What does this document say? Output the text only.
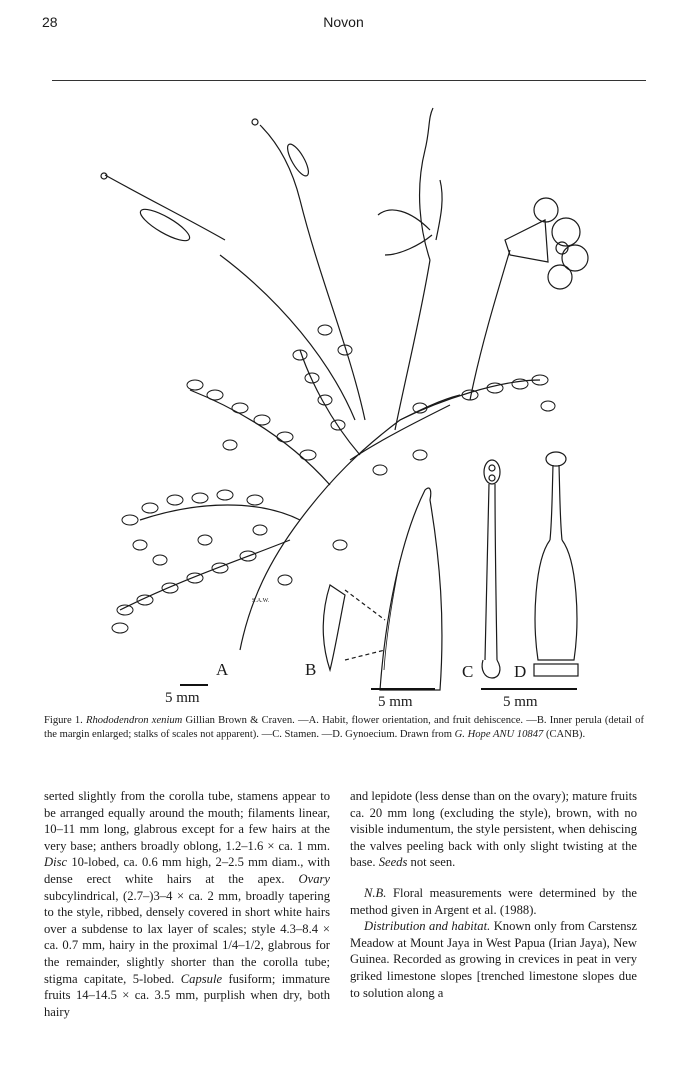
28	Novon
A	B	C D
S.A.W.
5 mm	5 mm	5 mm
Figure 1. Rhododendron xenium Gillian Brown & Craven. —A. Habit, flower orientation, and fruit dehiscence. —B. Inner perula (detail of the margin enlarged; stalks of scales not apparent). —C. Stamen. —D. Gynoecium. Drawn from G. Hope ANU 10847 (CANB).

serted slightly from the corolla tube, stamens appear to be arranged equally around the mouth; filaments linear, 10–11 mm long, glabrous except for a few hairs at the very base; anthers broadly oblong, 1.2–1.6 × ca. 1 mm. Disc 10-lobed, ca. 0.6 mm high, 2–2.5 mm diam., with dense erect white hairs at the apex. Ovary subcylindrical, (2.7–)3–4 × ca. 2 mm, broadly tapering to the style, ribbed, densely covered in short white hairs over a subdense to lax layer of scales; style 4.3–8.4 × ca. 0.7 mm, hairy in the proximal 1/4–1/2, glabrous for the remainder, slightly shorter than the corolla tube; stigma capitate, 5-lobed. Capsule fusiform; immature fruits 14–14.5 × ca. 3.5 mm, purplish when dry, both hairy

and lepidote (less dense than on the ovary); mature fruits ca. 20 mm long (excluding the style), brown, with no visible indumentum, the style persistent, when dehiscing the valves peeling back with only slight twisting at the base. Seeds not seen.

N.B. Floral measurements were determined by the method given in Argent et al. (1988).

Distribution and habitat. Known only from Carstensz Meadow at Mount Jaya in West Papua (Irian Jaya), New Guinea. Recorded as growing in crevices in peat in very griked limestone slopes [trenched limestone slopes due to solution along a
